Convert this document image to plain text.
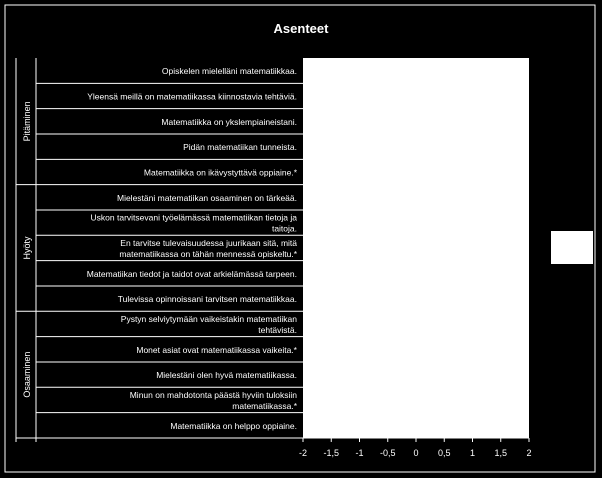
Asenteet
-2 -1,5 -1 -0,5 0 0,5 1 1,5 2
Pitäminen
Opiskelen mielelläni matematiikkaa.
Yleensä meillä on matematiikassa kiinnostavia tehtäviä.
Matematiikka on ykslempiaineistani.
Pidän matematiikan tunneista.
Matematiikka on ikävystyttävä oppiaine.*
Hyöty
Mielestäni matematiikan osaaminen on tärkeää.
Uskon tarvitsevani työelämässä matematiikan tietoja ja
taitoja.
En tarvitse tulevaisuudessa juurikaan sitä, mitä
matematiikassa on tähän mennessä opiskeltu.*
Matematiikan tiedot ja taidot ovat arkielämässä tarpeen.
Tulevissa opinnoissani tarvitsen matematiikkaa.
Osaaminen
Pystyn selviytymään vaikeistakin matematiikan
tehtävistä.
Monet asiat ovat matematiikassa vaikeita.*
Mielestäni olen hyvä matematiikassa.
Minun on mahdotonta päästä hyviin tuloksiin
matematiikassa.*
Matematiikka on helppo oppiaine.
